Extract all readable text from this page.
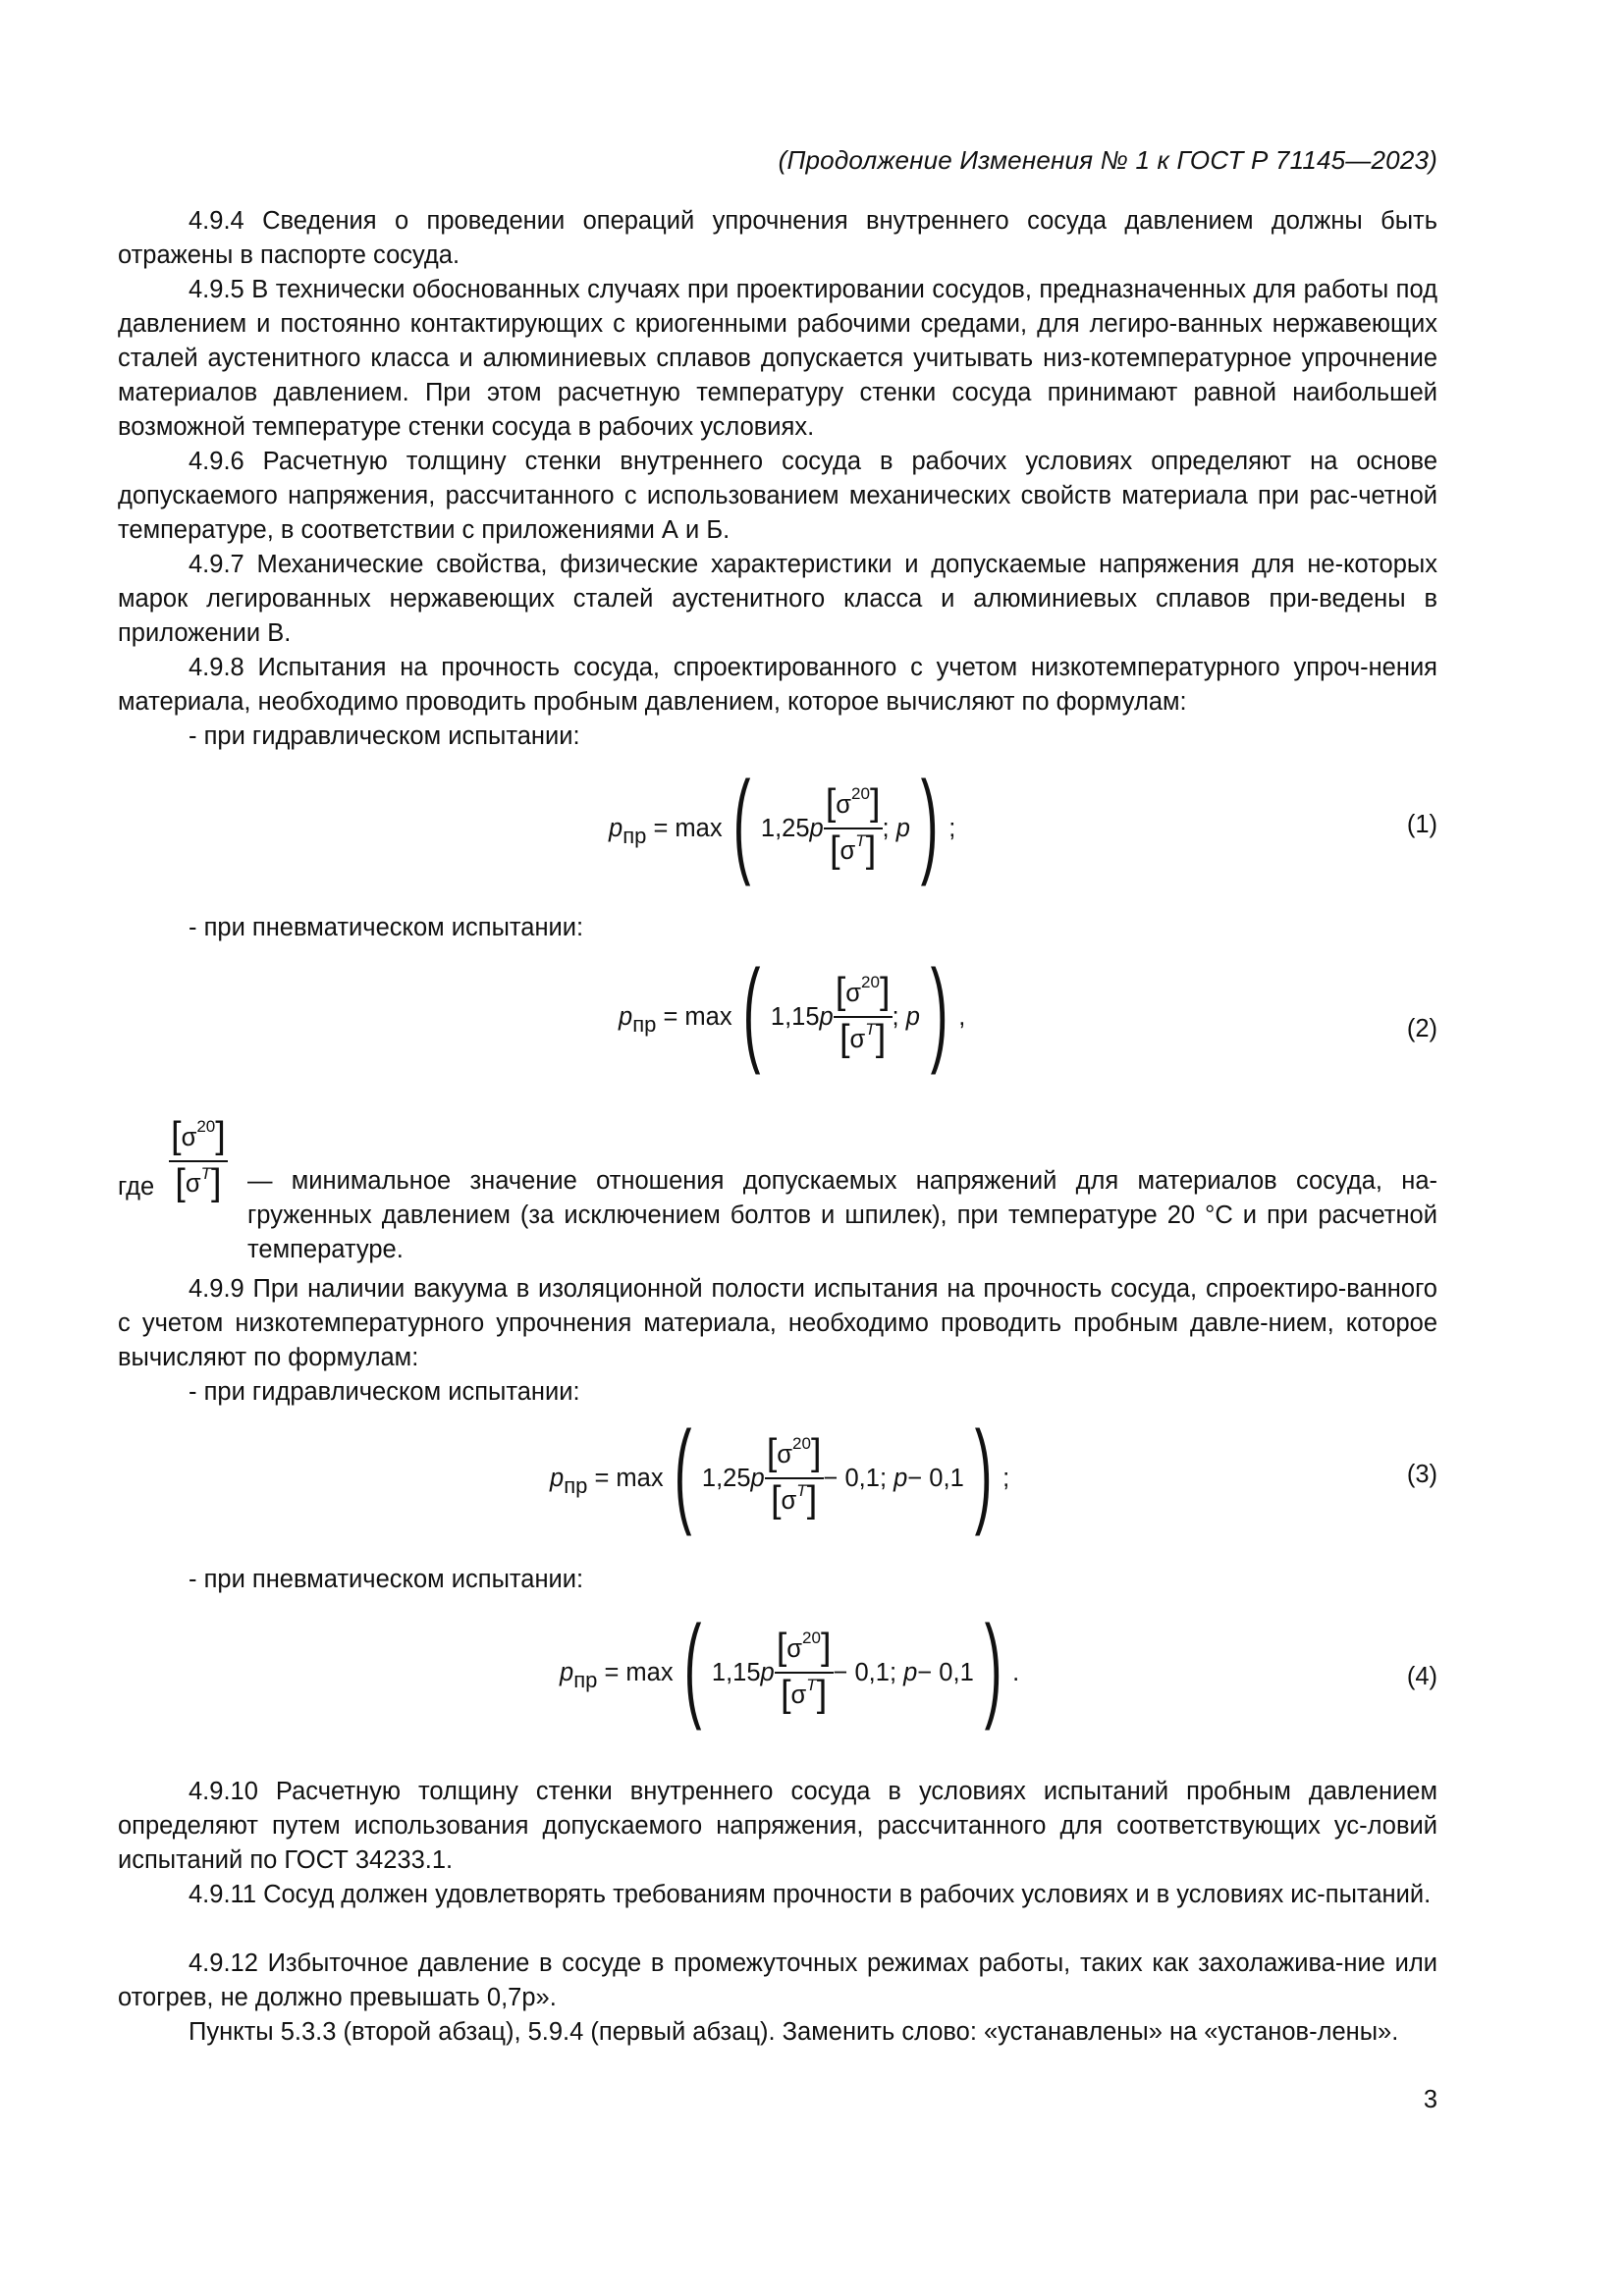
(Продолжение Изменения № 1 к ГОСТ Р 71145—2023)
4.9.4 Сведения о проведении операций упрочнения внутреннего сосуда давлением должны быть отражены в паспорте сосуда.
4.9.5 В технически обоснованных случаях при проектировании сосудов, предназначенных для работы под давлением и постоянно контактирующих с криогенными рабочими средами, для легиро-ванных нержавеющих сталей аустенитного класса и алюминиевых сплавов допускается учитывать низ-котемпературное упрочнение материалов давлением. При этом расчетную температуру стенки сосуда принимают равной наибольшей возможной температуре стенки сосуда в рабочих условиях.
4.9.6 Расчетную толщину стенки внутреннего сосуда в рабочих условиях определяют на основе допускаемого напряжения, рассчитанного с использованием механических свойств материала при рас-четной температуре, в соответствии с приложениями А и Б.
4.9.7 Механические свойства, физические характеристики и допускаемые напряжения для не-которых марок легированных нержавеющих сталей аустенитного класса и алюминиевых сплавов при-ведены в приложении В.
4.9.8 Испытания на прочность сосуда, спроектированного с учетом низкотемпературного упроч-нения материала, необходимо проводить пробным давлением, которое вычисляют по формулам:
- при гидравлическом испытании:
pпр
= max ( 1,25 p $\frac{[ \sigma 20 ]}{\text{[ σ T ]}}$ ;
p ) ;	(1)
- при пневматическом испытании:
pпр
= max ( 1,15 p $\frac{[ \sigma 20 ]}{\text{[ σ T ]}}$ ;
p ) ,	(2)
где
[ σ 20 ]
[ σ T ] — минимальное значение отношения допускаемых напряжений для материалов сосуда, на-груженных давлением (за исключением болтов и шпилек), при температуре 20 °С и при расчетной температуре.
4.9.9 При наличии вакуума в изоляционной полости испытания на прочность сосуда, спроектиро-ванного с учетом низкотемпературного упрочнения материала, необходимо проводить пробным давле-нием, которое вычисляют по формулам:
- при гидравлическом испытании:
pпр
= max ( 1,25 p $\frac{[ \sigma 20 ]}{\text{[ σ T ]}} - 0,1$ ;
p − 0,1 ) ;	(3)
- при пневматическом испытании:
pпр
= max ( 1,15 p $\frac{[ \sigma 20 ]}{\text{[ σ T ]}} - 0,1$ ;
p − 0,1 ) .	(4)
4.9.10 Расчетную толщину стенки внутреннего сосуда в условиях испытаний пробным давлением определяют путем использования допускаемого напряжения, рассчитанного для соответствующих ус-ловий испытаний по ГОСТ 34233.1.
4.9.11 Сосуд должен удовлетворять требованиям прочности в рабочих условиях и в условиях ис-пытаний.
4.9.12 Избыточное давление в сосуде в промежуточных режимах работы, таких как захолажива-ние или отогрев, не должно превышать 0,7р».
Пункты 5.3.3 (второй абзац), 5.9.4 (первый абзац). Заменить слово: «устанавлены» на «установ-лены».
3
